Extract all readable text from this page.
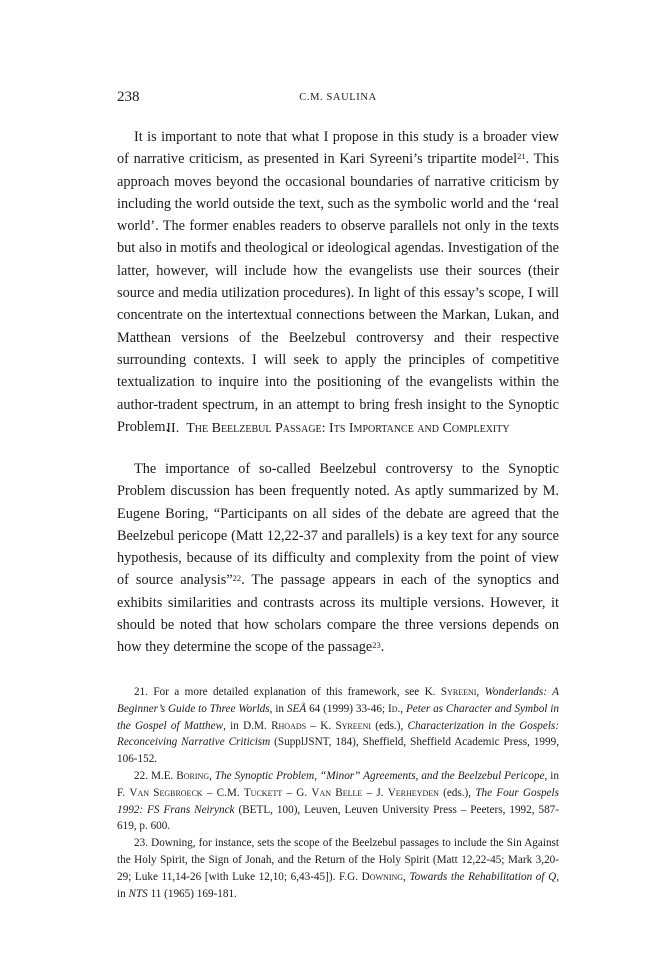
238	C.M. SAULINA

It is important to note that what I propose in this study is a broader view of narrative criticism, as presented in Kari Syreeni’s tripartite model$^{21}$. This approach moves beyond the occasional boundaries of narrative criticism by including the world outside the text, such as the symbolic world and the ‘real world’. The former enables readers to observe parallels not only in the texts but also in motifs and theological or ideological agendas. Investigation of the latter, however, will include how the evangelists use their sources (their source and media utilization procedures). In light of this essay’s scope, I will concentrate on the intertextual connections between the Markan, Lukan, and Matthean versions of the Beelzebul controversy and their respective surrounding contexts. I will seek to apply the principles of competitive textualization to inquire into the positioning of the evangelists within the author-tradent spectrum, in an attempt to bring fresh insight to the Synoptic Problem.

II. The Beelzebul Passage: Its Importance and Complexity

The importance of so-called Beelzebul controversy to the Synoptic Problem discussion has been frequently noted. As aptly summarized by M. Eugene Boring, “Participants on all sides of the debate are agreed that the Beelzebul pericope (Matt 12,22-37 and parallels) is a key text for any source hypothesis, because of its difficulty and complexity from the point of view of source analysis”$^{22}$. The passage appears in each of the synoptics and exhibits similarities and contrasts across its multiple versions. However, it should be noted that how scholars compare the three versions depends on how they determine the scope of the passage$^{23}$.

21. For a more detailed explanation of this framework, see K. Syreeni, Wonderlands: A Beginner’s Guide to Three Worlds, in SEÅ 64 (1999) 33-46; Id., Peter as Character and Symbol in the Gospel of Matthew, in D.M. Rhoads – K. Syreeni (eds.), Characterization in the Gospels: Reconceiving Narrative Criticism (SupplJSNT, 184), Sheffield, Sheffield Academic Press, 1999, 106-152.

22. M.E. Boring, The Synoptic Problem, “Minor” Agreements, and the Beelzebul Pericope, in F. Van Segbroeck – C.M. Tuckett – G. Van Belle – J. Verheyden (eds.), The Four Gospels 1992: FS Frans Neirynck (BETL, 100), Leuven, Leuven University Press – Peeters, 1992, 587-619, p. 600.

23. Downing, for instance, sets the scope of the Beelzebul passages to include the Sin Against the Holy Spirit, the Sign of Jonah, and the Return of the Holy Spirit (Matt 12,22-45; Mark 3,20-29; Luke 11,14-26 [with Luke 12,10; 6,43-45]). F.G. Downing, Towards the Rehabilitation of Q, in NTS 11 (1965) 169-181.
